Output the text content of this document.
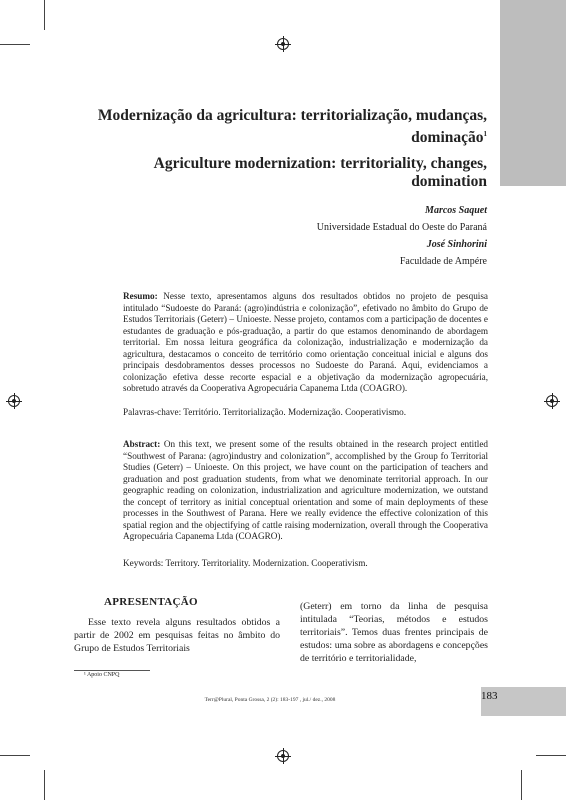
Modernização da agricultura: territorialização, mudanças,
dominação$^1$
Agriculture modernization: territoriality, changes, domination
Marcos Saquet
Universidade Estadual do Oeste do Paraná
José Sinhorini
Faculdade de Ampére
Resumo: Nesse texto, apresentamos alguns dos resultados obtidos no projeto de pesquisa intitulado “Sudoeste do Paraná: (agro)indústria e colonização”, efetivado no âmbito do Grupo de Estudos Territoriais (Geterr) – Unioeste. Nesse projeto, contamos com a participação de docentes e estudantes de graduação e pós-graduação, a partir do que estamos denominando de abordagem territorial. Em nossa leitura geográfica da colonização, industrialização e modernização da agricultura, destacamos o conceito de território como orientação conceitual inicial e alguns dos principais desdobramentos desses processos no Sudoeste do Paraná. Aqui, evidenciamos a colonização efetiva desse recorte espacial e a objetivação da modernização agropecuária, sobretudo através da Cooperativa Agropecuária Capanema Ltda (COAGRO).
Palavras-chave: Território. Territorialização. Modernização. Cooperativismo.
Abstract: On this text, we present some of the results obtained in the research project entitled “Southwest of Parana: (agro)industry and colonization”, accomplished by the Group fo Territorial Studies (Geterr) – Unioeste. On this project, we have count on the participation of teachers and graduation and post graduation students, from what we denominate territorial approach. In our geographic reading on colonization, industrialization and agriculture modernization, we outstand the concept of territory as initial conceptual orientation and some of main deployments of these processes in the Southwest of Parana. Here we really evidence the effective colonization of this spatial region and the objectifying of cattle raising modernization, overall through the Cooperativa Agropecuária Capanema Ltda (COAGRO).
Keywords: Territory. Territoriality. Modernization. Cooperativism.
APRESENTAÇÃO
Esse texto revela alguns resultados obtidos a partir de 2002 em pesquisas feitas no âmbito do Grupo de Estudos Territoriais
(Geterr) em torno da linha de pesquisa intitulada “Teorias, métodos e estudos territoriais”. Temos duas frentes principais de estudos: uma sobre as abordagens e concepções de território e territorialidade,
¹ Apoio CNPQ
Terr@Plural, Ponta Grossa, 2 (2): 183-197 , jul./ dez., 2008	183
